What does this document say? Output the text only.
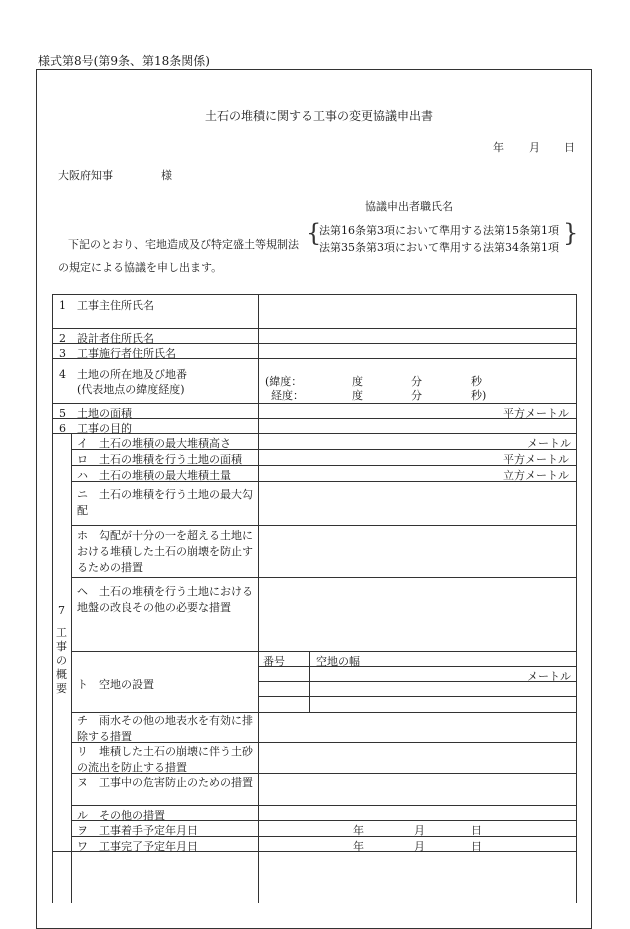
様式第8号(第9条、第18条関係)
土石の堆積に関する工事の変更協議申出書
年 月 日
大阪府知事	様
協議申出者職氏名
下記のとおり、宅地造成及び特定盛土等規制法 {
法第16条第3項において準用する法第15条第1項
法第35条第3項において準用する法第34条第1項
}
の規定による協議を申し出ます。
1　工事主住所氏名
2　設計者住所氏名
3　工事施行者住所氏名
4　土地の所在地及び地番
(代表地点の緯度経度)
(緯度：	度	分	秒
経度：	度	分	秒)
5　土地の面積	平方メートル
6　工事の目的
7
工
事
の
概
要
イ　土石の堆積の最大堆積高さ	メートル
ロ　土石の堆積を行う土地の面積	平方メートル
ハ　土石の堆積の最大堆積土量	立方メートル
ニ　土石の堆積を行う土地の最大勾配
ホ　勾配が十分の一を超える土地における堆積した土石の崩壊を防止するための措置
ヘ　土石の堆積を行う土地における地盤の改良その他の必要な措置
ト　空地の設置
番号	空地の幅
メートル
チ　雨水その他の地表水を有効に排除する措置
リ　堆積した土石の崩壊に伴う土砂の流出を防止する措置
ヌ　工事中の危害防止のための措置
ル　その他の措置
ヲ　工事着手予定年月日	年	月	日
ワ　工事完了予定年月日	年	月	日
